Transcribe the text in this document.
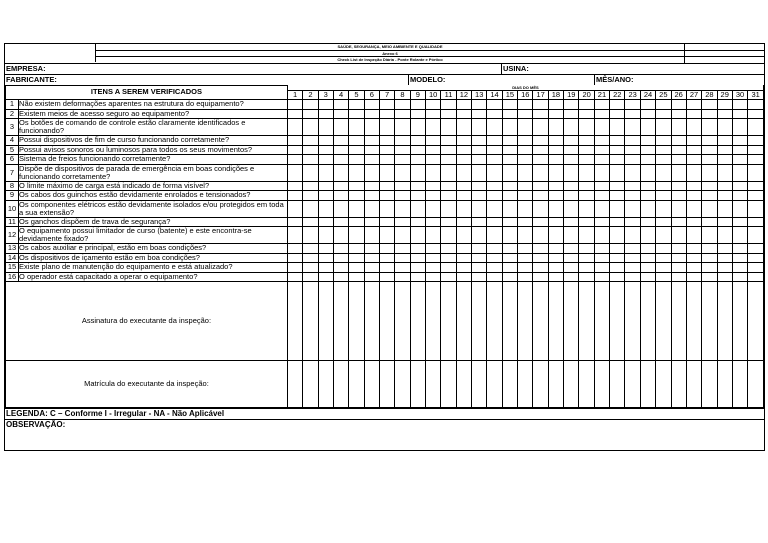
SAÚDE, SEGURANÇA, MEIO AMBIENTE E QUALIDADE
Anexo 6
Check List de Inspeção Diária - Ponte Rolante e Pórtico
EMPRESA:	USINA:
FABRICANTE:	MODELO:	MÊS/ANO:
ITENS A SEREM VERIFICADOS		DIAS DO MÊS																														
		1	2	3	4	5	6	7	8	9	10	11	12	13	14	15	16	17	18	19	20	21	22	23	24	25	26	27	28	29	30	31
1	Não existem deformações aparentes na estrutura do equipamento?																															
2	Existem meios de acesso seguro ao equipamento?																															
3	Os botões de comando de controle estão claramente identificados e funcionando?																															
4	Possui dispositivos de fim de curso funcionando corretamente?																															
5	Possui avisos sonoros ou luminosos para todos os seus movimentos?																															
6	Sistema de freios funcionando corretamente?																															
7	Dispõe de dispositivos de parada de emergência em boas condições e funcionando corretamente?																															
8	O limite máximo de carga está indicado de forma visível?																															
9	Os cabos dos guinchos estão devidamente enrolados e tensionados?																															
10	Os componentes elétricos estão devidamente isolados e/ou protegidos em toda a sua extensão?																															
11	Os ganchos dispõem de trava de segurança?																															
12	O equipamento possui limitador de curso (batente) e este encontra-se devidamente fixado?																															
13	Os cabos auxiliar e principal, estão em boas condições?																															
14	Os dispositivos de içamento estão em boa condições?																															
15	Existe plano de manutenção do equipamento e está atualizado?																															
16	O operador está capacitado a operar o equipamento?																															
Assinatura do executante da inspeção:																																
Matrícula do executante da inspeção:																																
LEGENDA: C – Conforme I - Irregular - NA - Não Aplicável
OBSERVAÇÃO:
